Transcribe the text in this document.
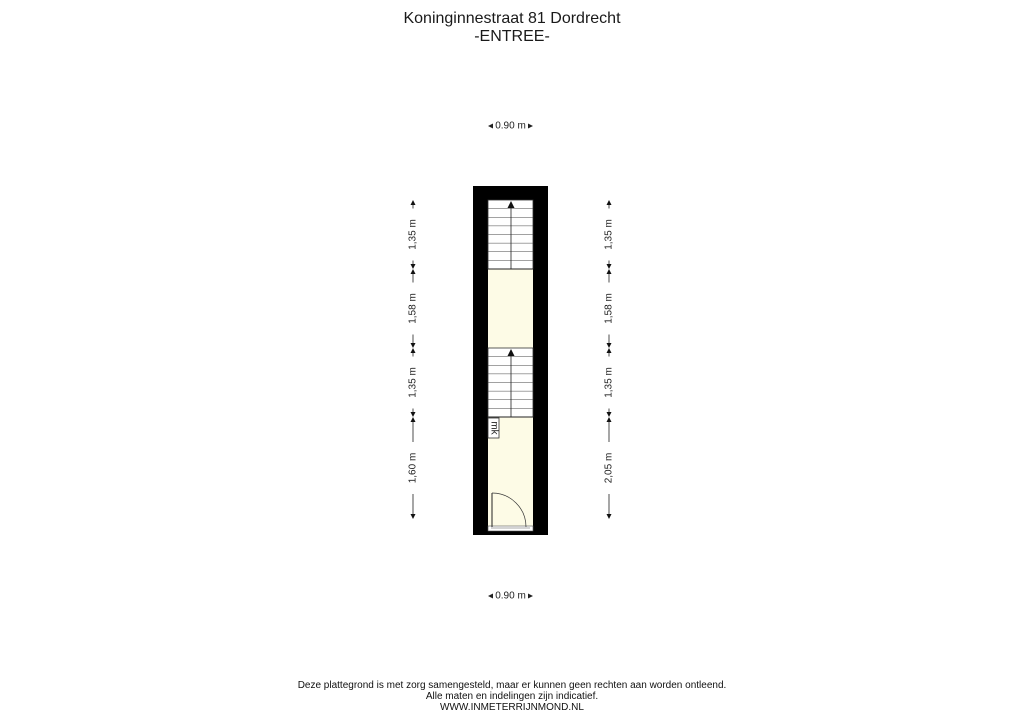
Koninginnestraat 81 Dordrecht
-ENTREE-
mk
0.90 m
0.90 m
1,35 m
1,58 m
1,35 m
1,60 m
1,35 m
1,58 m
1,35 m
2,05 m
Deze plattegrond is met zorg samengesteld, maar er kunnen geen rechten aan worden ontleend.
Alle maten en indelingen zijn indicatief.
WWW.INMETERRIJNMOND.NL
